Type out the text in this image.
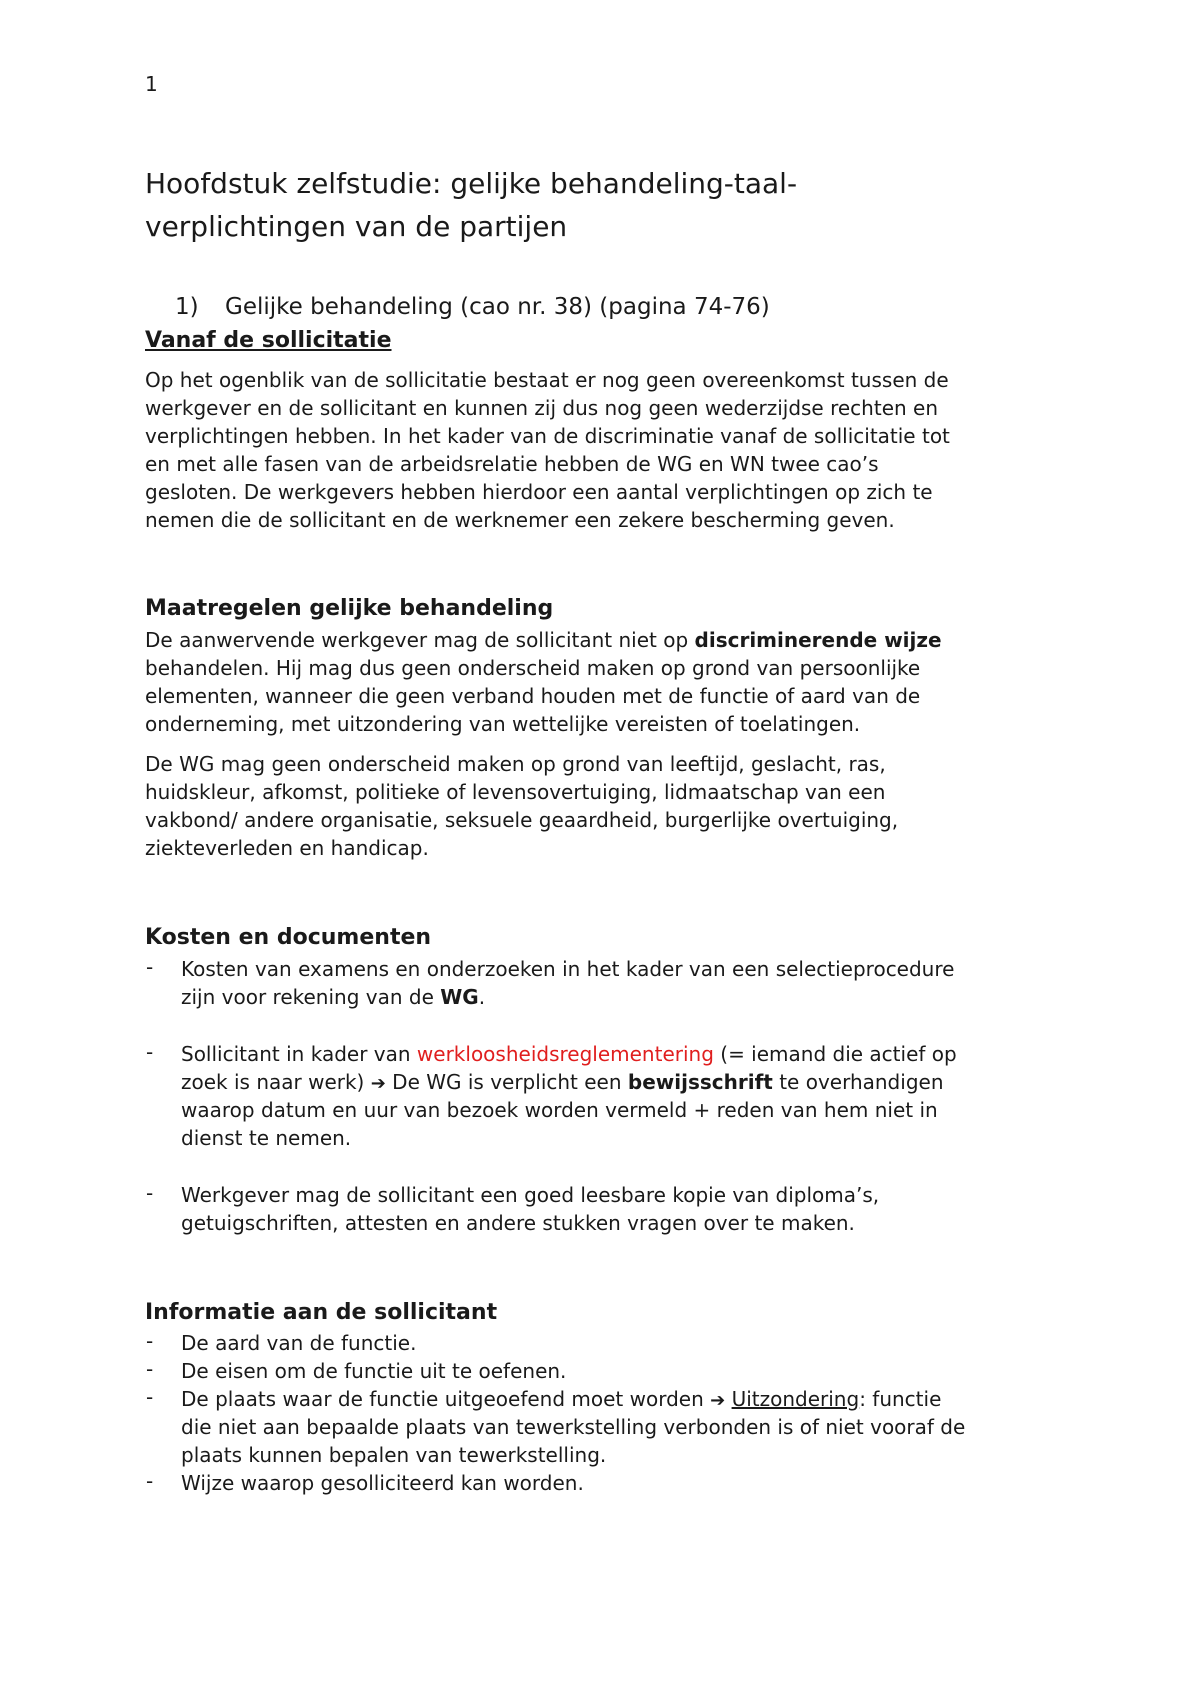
1
Hoofdstuk zelfstudie: gelijke behandeling-taal-
verplichtingen van de partijen
1) Gelijke behandeling (cao nr. 38) (pagina 74-76)
Vanaf de sollicitatie
Op het ogenblik van de sollicitatie bestaat er nog geen overeenkomst tussen de
werkgever en de sollicitant en kunnen zij dus nog geen wederzijdse rechten en
verplichtingen hebben. In het kader van de discriminatie vanaf de sollicitatie tot
en met alle fasen van de arbeidsrelatie hebben de WG en WN twee cao’s
gesloten. De werkgevers hebben hierdoor een aantal verplichtingen op zich te
nemen die de sollicitant en de werknemer een zekere bescherming geven.
Maatregelen gelijke behandeling
De aanwervende werkgever mag de sollicitant niet op discriminerende wijze
behandelen. Hij mag dus geen onderscheid maken op grond van persoonlijke
elementen, wanneer die geen verband houden met de functie of aard van de
onderneming, met uitzondering van wettelijke vereisten of toelatingen.
De WG mag geen onderscheid maken op grond van leeftijd, geslacht, ras,
huidskleur, afkomst, politieke of levensovertuiging, lidmaatschap van een
vakbond/ andere organisatie, seksuele geaardheid, burgerlijke overtuiging,
ziekteverleden en handicap.
Kosten en documenten
- Kosten van examens en onderzoeken in het kader van een selectieprocedure
zijn voor rekening van de WG.
- Sollicitant in kader van werkloosheidsreglementering (= iemand die actief op
zoek is naar werk) ➔ De WG is verplicht een bewijsschrift te overhandigen
waarop datum en uur van bezoek worden vermeld + reden van hem niet in
dienst te nemen.
- Werkgever mag de sollicitant een goed leesbare kopie van diploma’s,
getuigschriften, attesten en andere stukken vragen over te maken.
Informatie aan de sollicitant
- De aard van de functie.
- De eisen om de functie uit te oefenen.
- De plaats waar de functie uitgeoefend moet worden ➔ Uitzondering: functie
die niet aan bepaalde plaats van tewerkstelling verbonden is of niet vooraf de
plaats kunnen bepalen van tewerkstelling.
- Wijze waarop gesolliciteerd kan worden.
